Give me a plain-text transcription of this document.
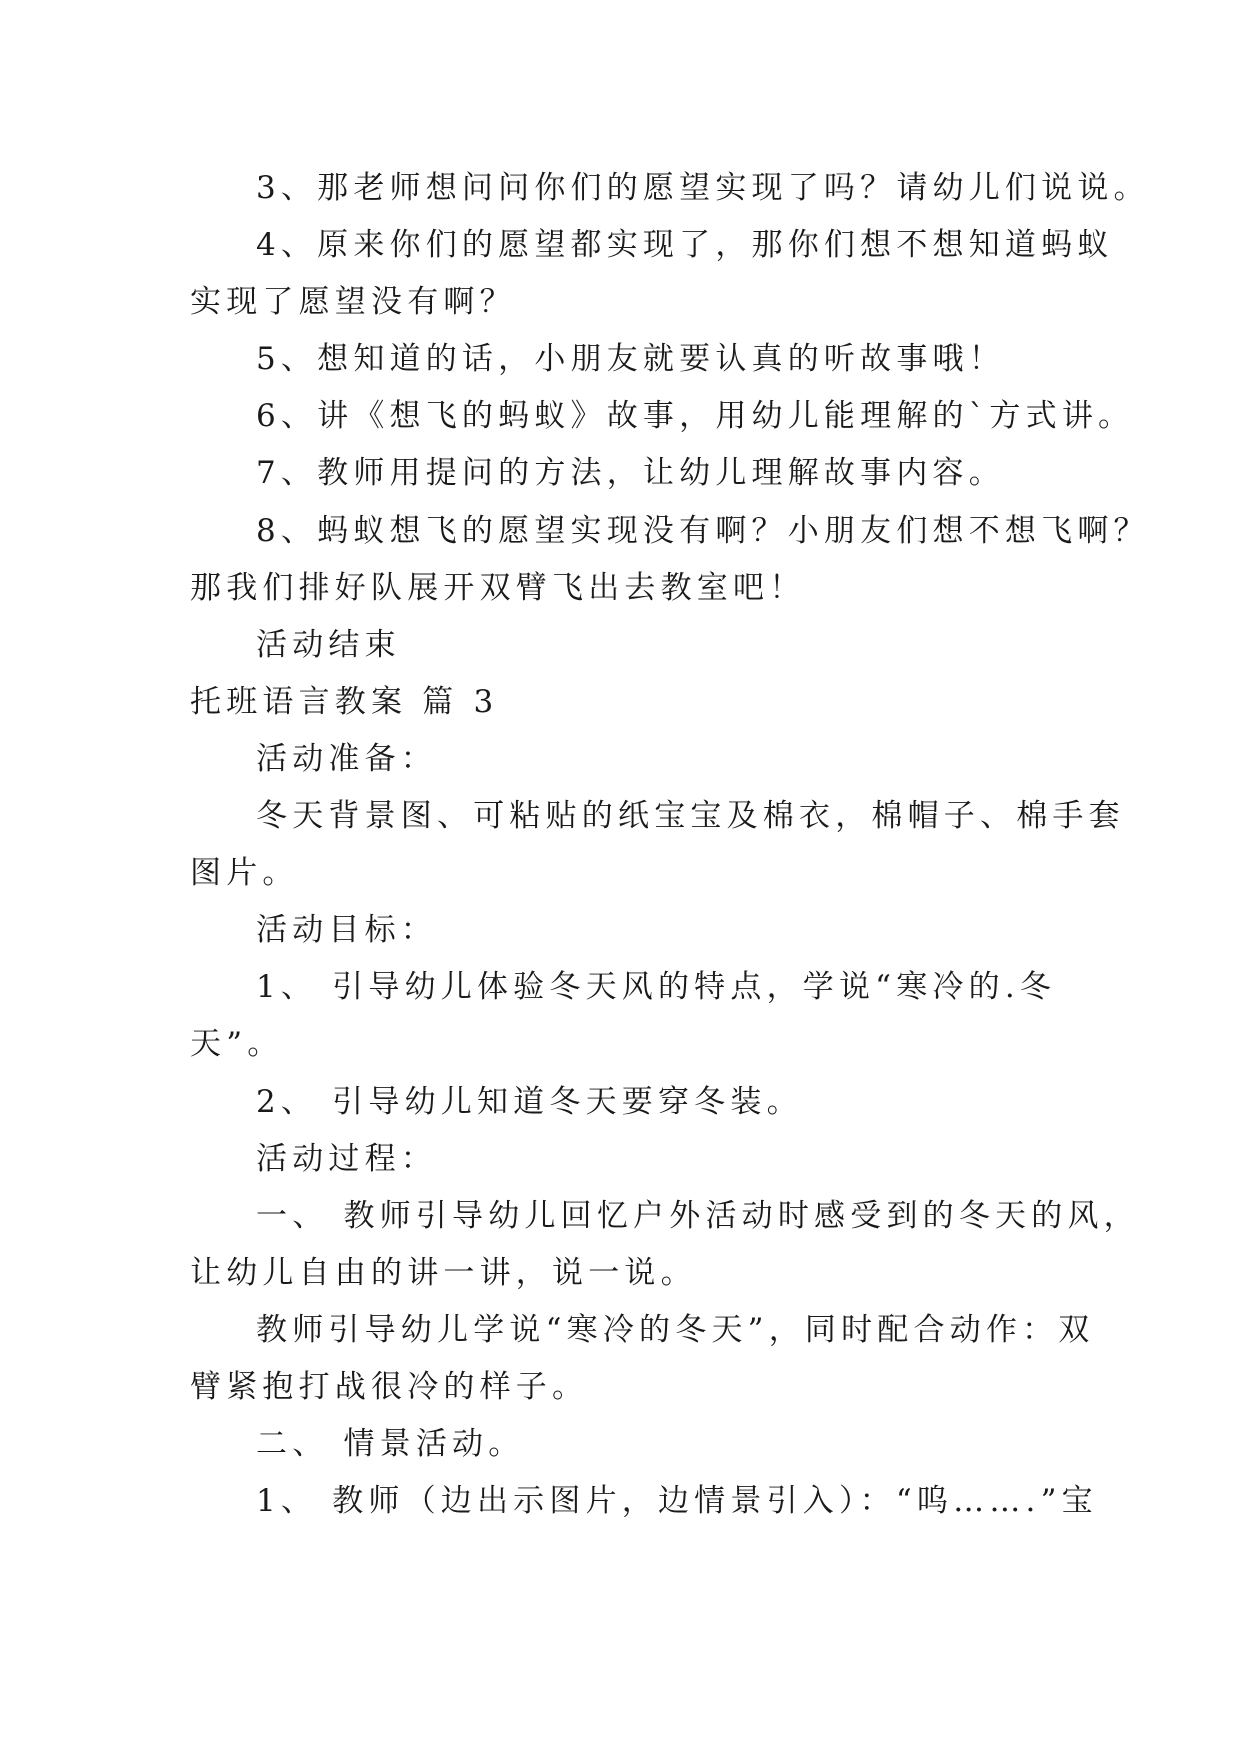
3、那老师想问问你们的愿望实现了吗？请幼儿们说说。
4、原来你们的愿望都实现了，那你们想不想知道蚂蚁
实现了愿望没有啊？
5、想知道的话，小朋友就要认真的听故事哦！
6、讲《想飞的蚂蚁》故事，用幼儿能理解的`方式讲。
7、教师用提问的方法，让幼儿理解故事内容。
8、蚂蚁想飞的愿望实现没有啊？小朋友们想不想飞啊？
那我们排好队展开双臂飞出去教室吧！
活动结束
托班语言教案 篇 3
活动准备：
冬天背景图、可粘贴的纸宝宝及棉衣，棉帽子、棉手套
图片。
活动目标：
1、 引导幼儿体验冬天风的特点，学说“寒冷的.冬
天”。
2、 引导幼儿知道冬天要穿冬装。
活动过程：
一、 教师引导幼儿回忆户外活动时感受到的冬天的风，
让幼儿自由的讲一讲，说一说。
教师引导幼儿学说“寒冷的冬天”，同时配合动作：双
臂紧抱打战很冷的样子。
二、 情景活动。
1、 教师（边出示图片，边情景引入）：“呜…….”宝
